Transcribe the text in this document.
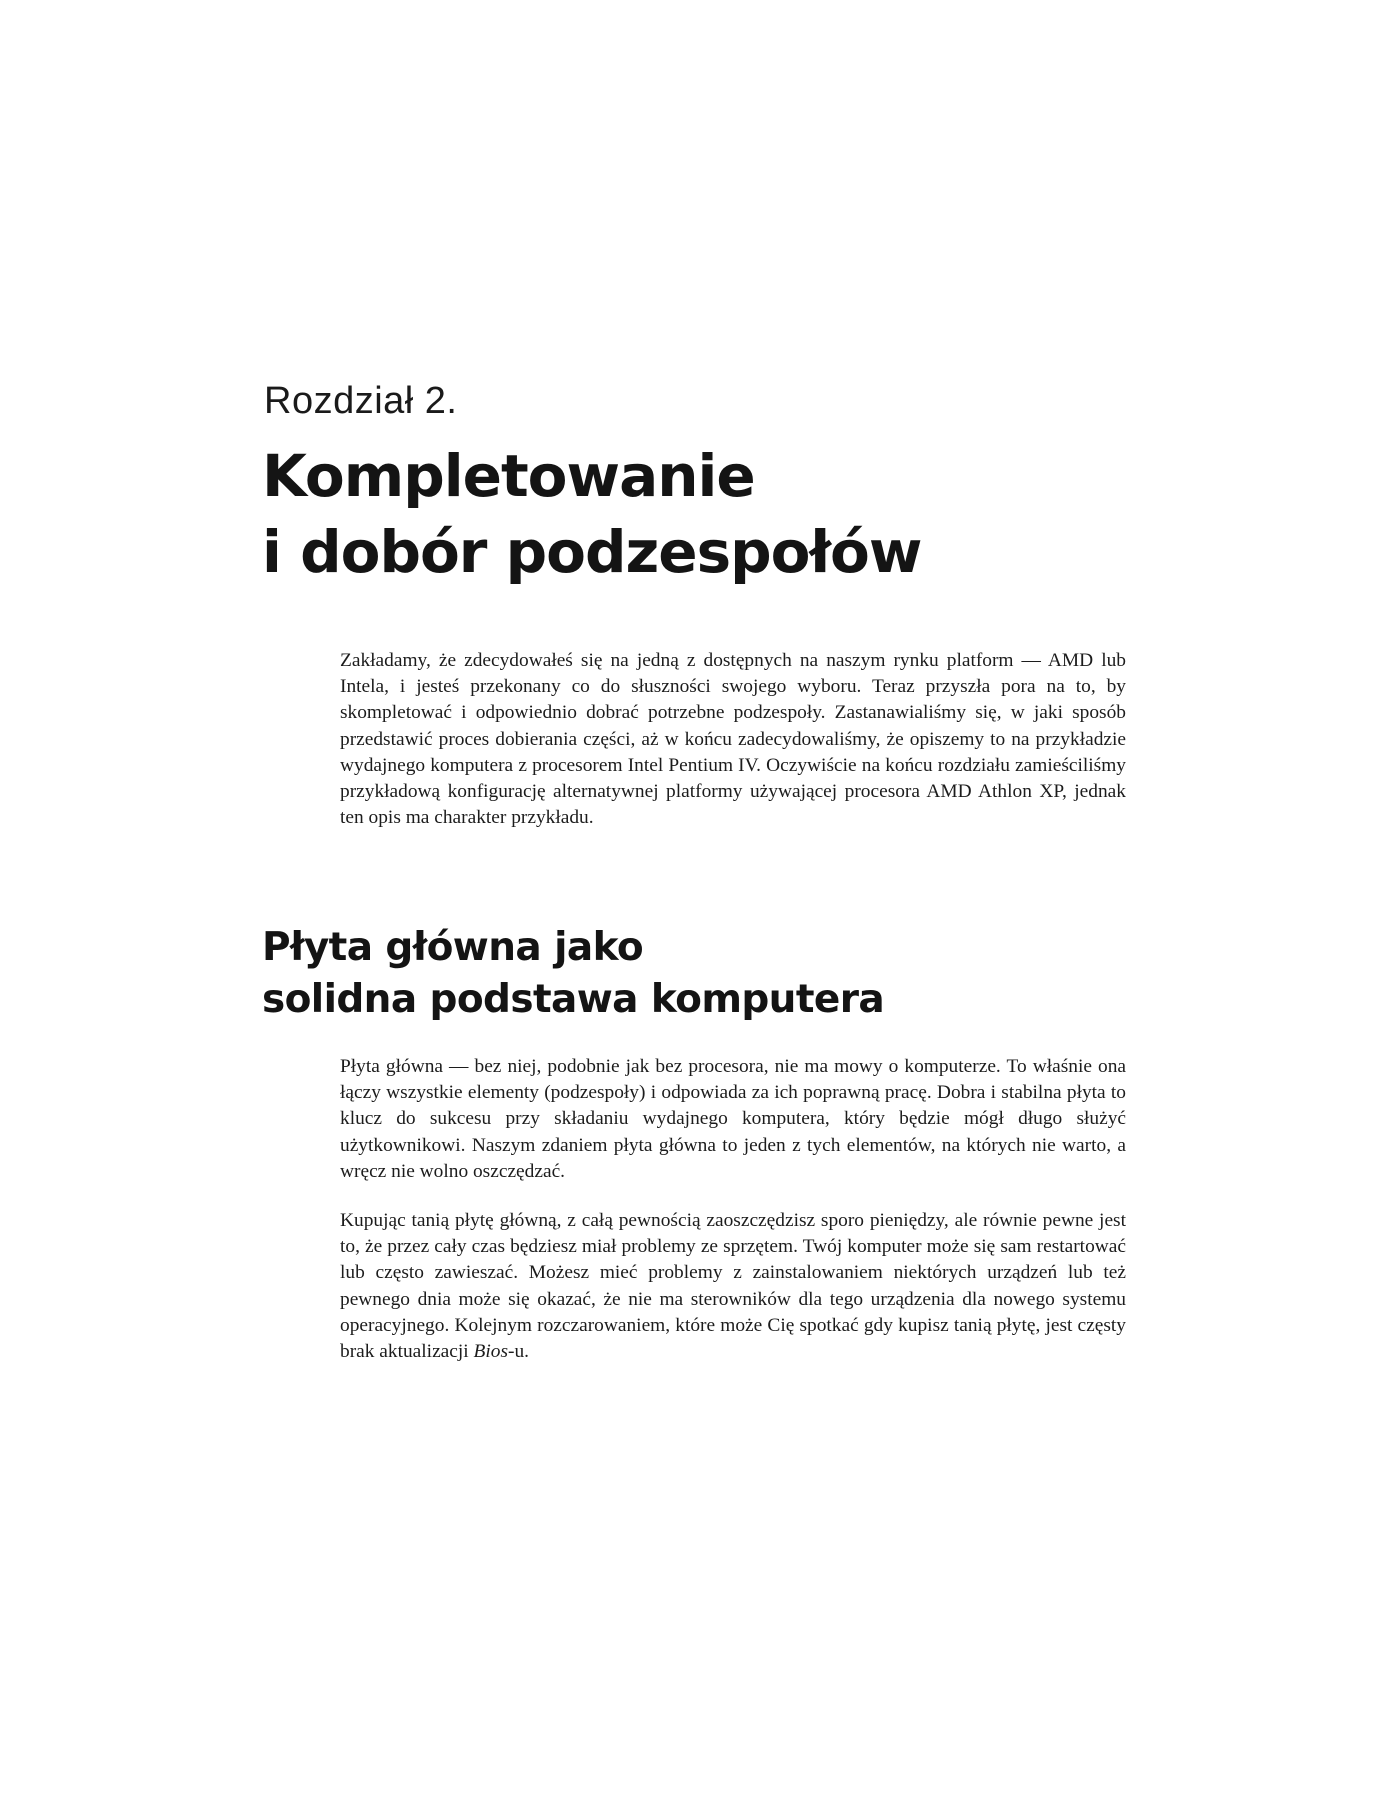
Rozdział 2.
Kompletowanie
i dobór podzespołów

Zakładamy, że zdecydowałeś się na jedną z dostępnych na naszym rynku platform — AMD lub Intela, i jesteś przekonany co do słuszności swojego wyboru. Teraz przyszła pora na to, by skompletować i odpowiednio dobrać potrzebne podzespoły. Zastanawialiśmy się, w jaki sposób przedstawić proces dobierania części, aż w końcu zadecydowaliśmy, że opiszemy to na przykładzie wydajnego komputera z procesorem Intel Pentium IV. Oczywiście na końcu rozdziału zamieściliśmy przykładową konfigurację alternatywnej platformy używającej procesora AMD Athlon XP, jednak ten opis ma charakter przykładu.

Płyta główna jako
solidna podstawa komputera

Płyta główna — bez niej, podobnie jak bez procesora, nie ma mowy o komputerze. To właśnie ona łączy wszystkie elementy (podzespoły) i odpowiada za ich poprawną pracę. Dobra i stabilna płyta to klucz do sukcesu przy składaniu wydajnego komputera, który będzie mógł długo służyć użytkownikowi. Naszym zdaniem płyta główna to jeden z tych elementów, na których nie warto, a wręcz nie wolno oszczędzać.

Kupując tanią płytę główną, z całą pewnością zaoszczędzisz sporo pieniędzy, ale równie pewne jest to, że przez cały czas będziesz miał problemy ze sprzętem. Twój komputer może się sam restartować lub często zawieszać. Możesz mieć problemy z zainstalowaniem niektórych urządzeń lub też pewnego dnia może się okazać, że nie ma sterowników dla tego urządzenia dla nowego systemu operacyjnego. Kolejnym rozczarowaniem, które może Cię spotkać gdy kupisz tanią płytę, jest częsty brak aktualizacji Bios-u.
